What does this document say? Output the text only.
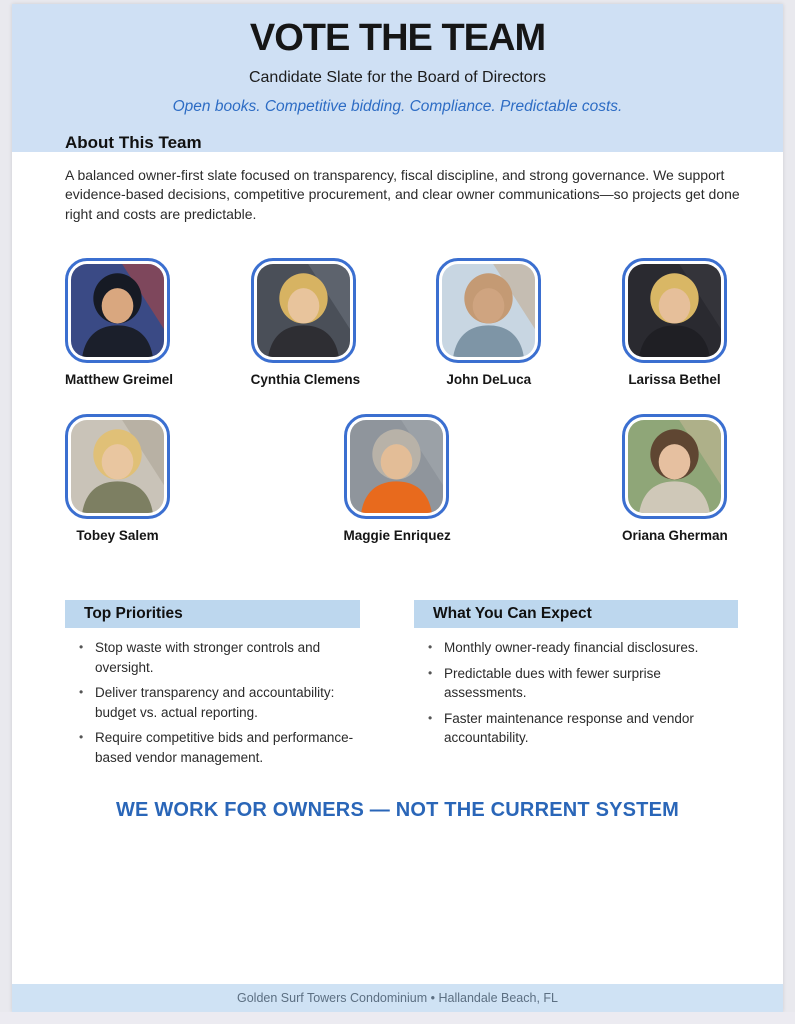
VOTE THE TEAM
Candidate Slate for the Board of Directors
Open books. Competitive bidding. Compliance. Predictable costs.
About This Team

A balanced owner-first slate focused on transparency, fiscal discipline, and strong governance. We support evidence-based decisions, competitive procurement, and clear owner communications—so projects get done right and costs are predictable.

Matthew Greimel	Cynthia Clemens	John DeLuca	Larissa Bethel
Tobey Salem	Maggie Enriquez	Oriana Gherman
Top Priorities
• Stop waste with stronger controls and oversight.
• Deliver transparency and accountability: budget vs. actual reporting.
• Require competitive bids and performance-based vendor management.
What You Can Expect
• Monthly owner-ready financial disclosures.
• Predictable dues with fewer surprise assessments.
• Faster maintenance response and vendor accountability.
WE WORK FOR OWNERS — NOT THE CURRENT SYSTEM
Golden Surf Towers Condominium • Hallandale Beach, FL
